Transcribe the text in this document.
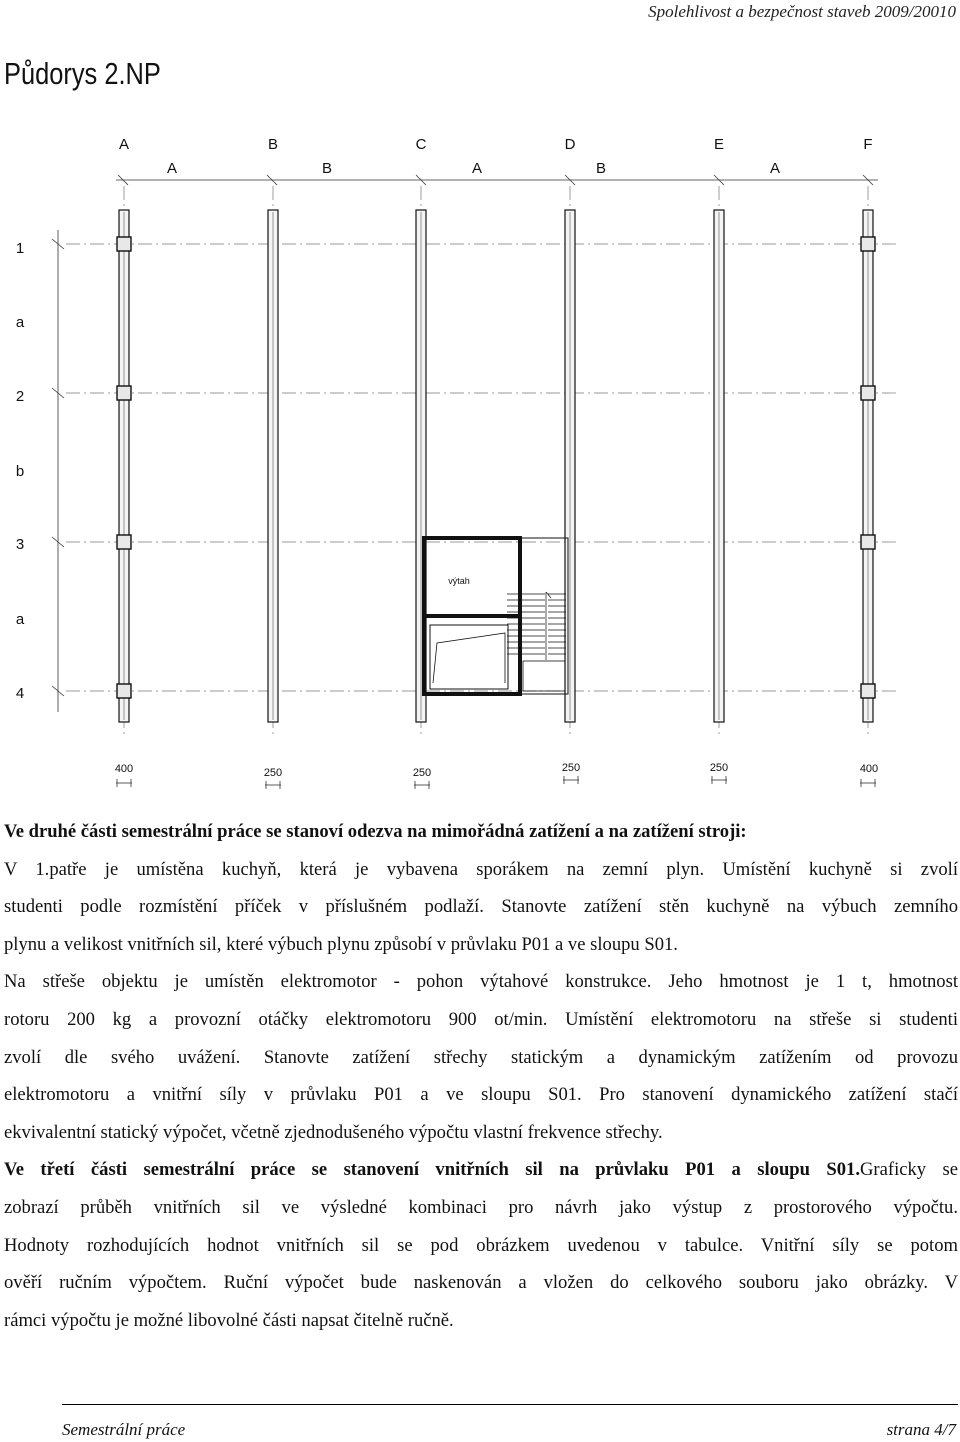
Spolehlivost a bezpečnost staveb 2009/20010
Půdorys 2.NP
A	B	C	D	E	F
A	B	A	B	A
1
a
2
b
3
a
4
výtah
400	250	250	250	250	400

Ve druhé části semestrální práce se stanoví odezva na mimořádná zatížení a na zatížení stroji:

V 1.patře je umístěna kuchyň, která je vybavena sporákem na zemní plyn. Umístění kuchyně si zvolí

studenti podle rozmístění příček v příslušném podlaží. Stanovte zatížení stěn kuchyně na výbuch zemního

plynu a velikost vnitřních sil, které výbuch plynu způsobí v průvlaku P01 a ve sloupu S01.

Na střeše objektu je umístěn elektromotor - pohon výtahové konstrukce. Jeho hmotnost je 1 t, hmotnost

rotoru 200 kg a provozní otáčky elektromotoru 900 ot/min. Umístění elektromotoru na střeše si studenti

zvolí dle svého uvážení. Stanovte zatížení střechy statickým a dynamickým zatížením od provozu

elektromotoru a vnitřní síly v průvlaku P01 a ve sloupu S01. Pro stanovení dynamického zatížení stačí

ekvivalentní statický výpočet, včetně zjednodušeného výpočtu vlastní frekvence střechy.

Ve třetí části semestrální práce se stanovení vnitřních sil na průvlaku P01 a sloupu S01.Graficky se

zobrazí průběh vnitřních sil ve výsledné kombinaci pro návrh jako výstup z prostorového výpočtu.

Hodnoty rozhodujících hodnot vnitřních sil se pod obrázkem uvedenou v tabulce. Vnitřní síly se potom

ověří ručním výpočtem. Ruční výpočet bude naskenován a vložen do celkového souboru jako obrázky. V

rámci výpočtu je možné libovolné části napsat čitelně ručně.

Semestrální práce	strana 4/7
